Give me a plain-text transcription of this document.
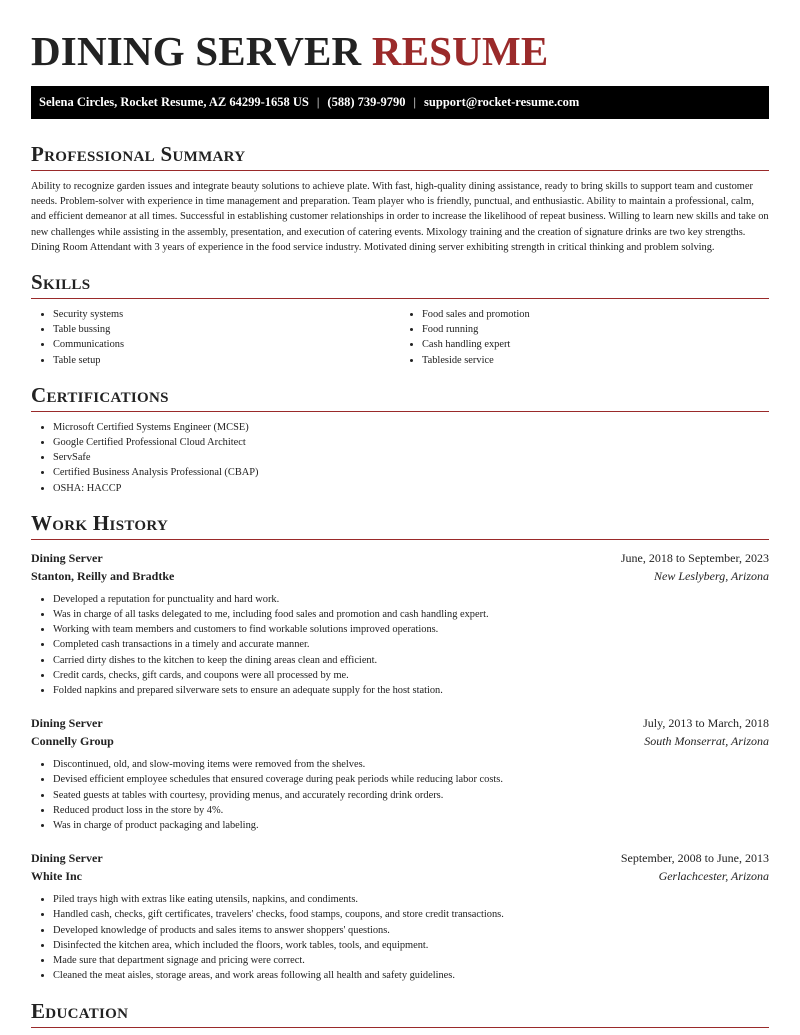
DINING SERVER RESUME
Selena Circles, Rocket Resume, AZ 64299-1658 US | (588) 739-9790 | support@rocket-resume.com
Professional Summary

Ability to recognize garden issues and integrate beauty solutions to achieve plate. With fast, high-quality dining assistance, ready to bring skills to support team and customer needs. Problem-solver with experience in time management and preparation. Team player who is friendly, punctual, and enthusiastic. Ability to maintain a professional, calm, and efficient demeanor at all times. Successful in establishing customer relationships in order to increase the likelihood of repeat business. Willing to learn new skills and take on new challenges while assisting in the assembly, presentation, and execution of catering events. Mixology training and the creation of signature drinks are two key strengths. Dining Room Attendant with 3 years of experience in the food service industry. Motivated dining server exhibiting strength in critical thinking and problem solving.

Skills
• Security systems
• Table bussing
• Communications
• Table setup
• Food sales and promotion
• Food running
• Cash handling expert
• Tableside service
Certifications
• Microsoft Certified Systems Engineer (MCSE)
• Google Certified Professional Cloud Architect
• ServSafe
• Certified Business Analysis Professional (CBAP)
• OSHA: HACCP
Work History
Dining Server	June, 2018 to September, 2023
Stanton, Reilly and Bradtke	New Leslyberg, Arizona
• Developed a reputation for punctuality and hard work.
• Was in charge of all tasks delegated to me, including food sales and promotion and cash handling expert.
• Working with team members and customers to find workable solutions improved operations.
• Completed cash transactions in a timely and accurate manner.
• Carried dirty dishes to the kitchen to keep the dining areas clean and efficient.
• Credit cards, checks, gift cards, and coupons were all processed by me.
• Folded napkins and prepared silverware sets to ensure an adequate supply for the host station.
Dining Server	July, 2013 to March, 2018
Connelly Group	South Monserrat, Arizona
• Discontinued, old, and slow-moving items were removed from the shelves.
• Devised efficient employee schedules that ensured coverage during peak periods while reducing labor costs.
• Seated guests at tables with courtesy, providing menus, and accurately recording drink orders.
• Reduced product loss in the store by 4%.
• Was in charge of product packaging and labeling.
Dining Server	September, 2008 to June, 2013
White Inc	Gerlachcester, Arizona
• Piled trays high with extras like eating utensils, napkins, and condiments.
• Handled cash, checks, gift certificates, travelers' checks, food stamps, coupons, and store credit transactions.
• Developed knowledge of products and sales items to answer shoppers' questions.
• Disinfected the kitchen area, which included the floors, work tables, tools, and equipment.
• Made sure that department signage and pricing were correct.
• Cleaned the meat aisles, storage areas, and work areas following all health and safety guidelines.
Education
